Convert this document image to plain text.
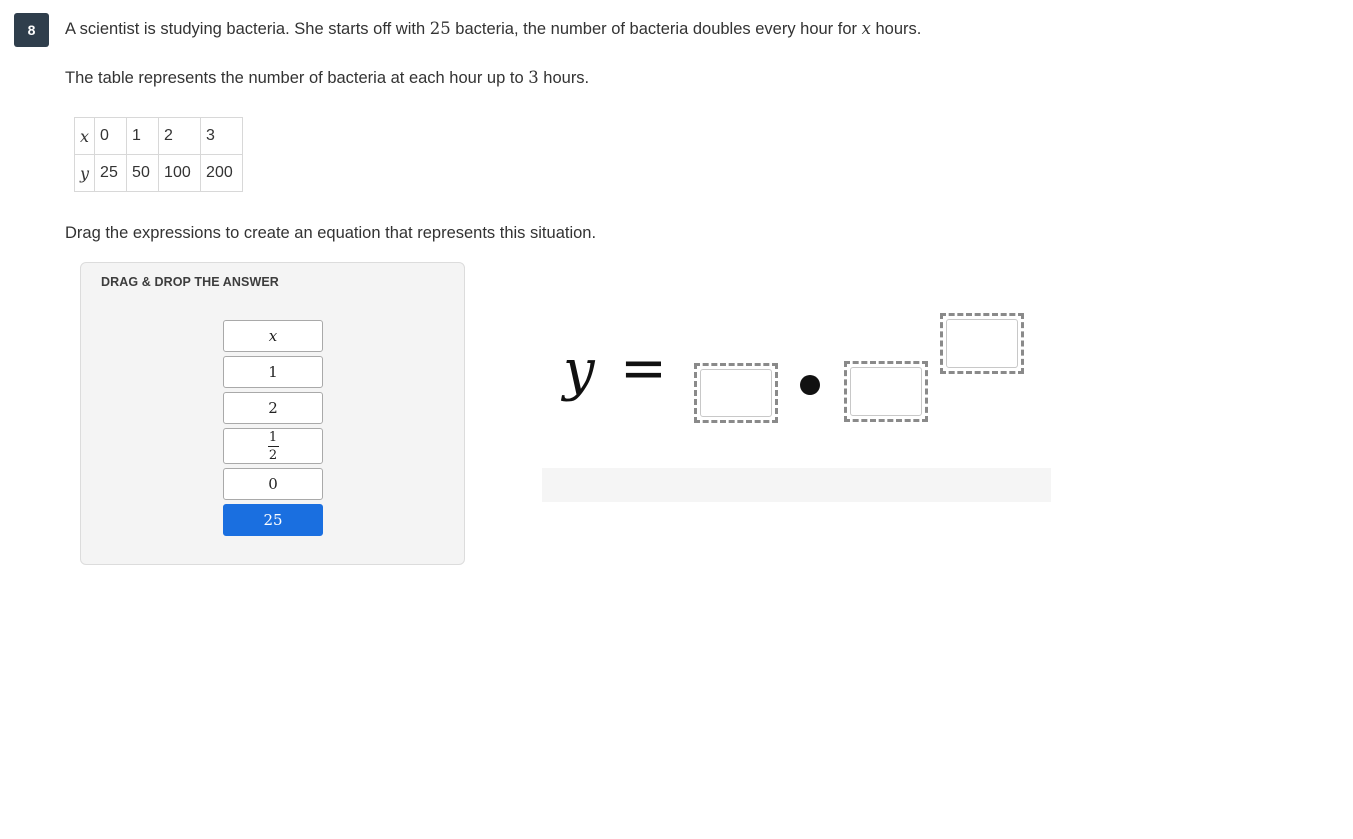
8	A scientist is studying bacteria. She starts off with 25 bacteria, the number of bacteria doubles every hour for x hours.
The table represents the number of bacteria at each hour up to 3 hours.
x	0	1	2	3
y	25	50	100	200
Drag the expressions to create an equation that represents this situation.
DRAG & DROP THE ANSWER
x
1
2
$\frac{1}{2}$
0
25
y =
